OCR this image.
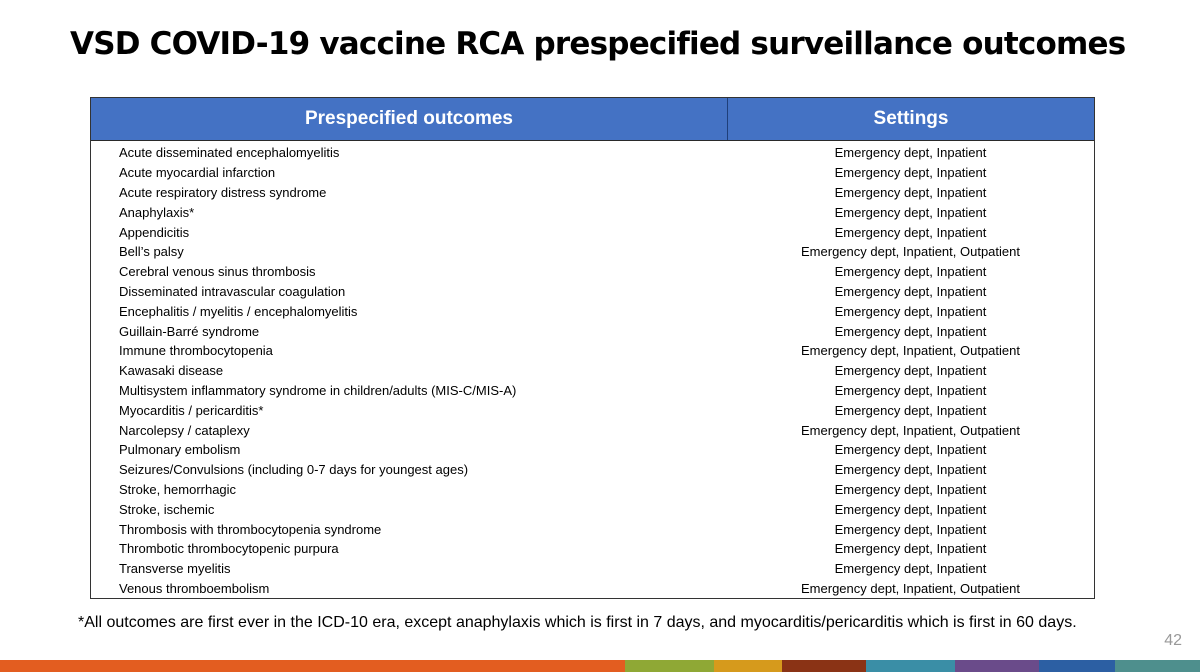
VSD COVID-19 vaccine RCA prespecified surveillance outcomes
Prespecified outcomes	Settings
Acute disseminated encephalomyelitis	Emergency dept, Inpatient
Acute myocardial infarction	Emergency dept, Inpatient
Acute respiratory distress syndrome	Emergency dept, Inpatient
Anaphylaxis*	Emergency dept, Inpatient
Appendicitis	Emergency dept, Inpatient
Bell’s palsy	Emergency dept, Inpatient, Outpatient
Cerebral venous sinus thrombosis	Emergency dept, Inpatient
Disseminated intravascular coagulation	Emergency dept, Inpatient
Encephalitis / myelitis / encephalomyelitis	Emergency dept, Inpatient
Guillain-Barré syndrome	Emergency dept, Inpatient
Immune thrombocytopenia	Emergency dept, Inpatient, Outpatient
Kawasaki disease	Emergency dept, Inpatient
Multisystem inflammatory syndrome in children/adults (MIS-C/MIS-A)	Emergency dept, Inpatient
Myocarditis / pericarditis*	Emergency dept, Inpatient
Narcolepsy / cataplexy	Emergency dept, Inpatient, Outpatient
Pulmonary embolism	Emergency dept, Inpatient
Seizures/Convulsions (including 0-7 days for youngest ages)	Emergency dept, Inpatient
Stroke, hemorrhagic	Emergency dept, Inpatient
Stroke, ischemic	Emergency dept, Inpatient
Thrombosis with thrombocytopenia syndrome	Emergency dept, Inpatient
Thrombotic thrombocytopenic purpura	Emergency dept, Inpatient
Transverse myelitis	Emergency dept, Inpatient
Venous thromboembolism	Emergency dept, Inpatient, Outpatient
*All outcomes are first ever in the ICD-10 era, except anaphylaxis which is first in 7 days, and myocarditis/pericarditis which is first in 60 days.
42
